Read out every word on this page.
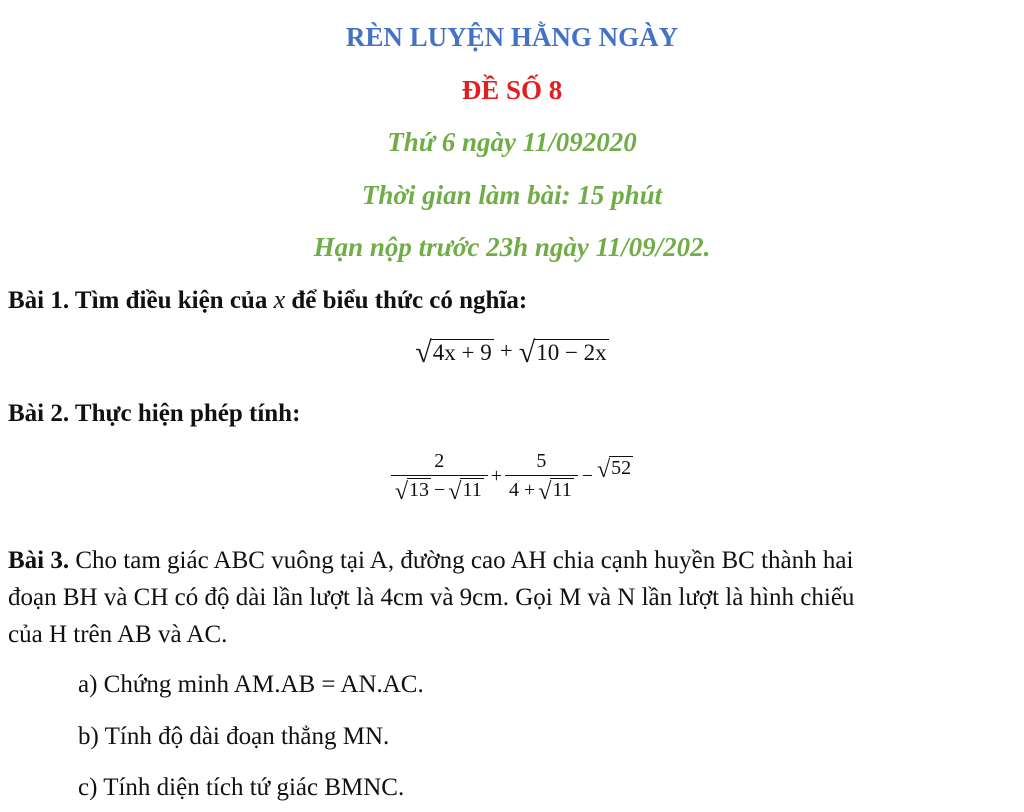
RÈN LUYỆN HẰNG NGÀY
ĐỀ SỐ 8
Thứ 6 ngày 11/092020
Thời gian làm bài: 15 phút
Hạn nộp trước 23h ngày 11/09/202.
Bài 1. Tìm điều kiện của x để biểu thức có nghĩa:
√ 4x + 9 + √ 10 − 2x
Bài 2. Thực hiện phép tính:
$\frac{2}{√ 13 - √ 11} + \frac{5}{4 + √ 11}$ − √ 52
Bài 3. Cho tam giác ABC vuông tại A, đường cao AH chia cạnh huyền BC thành hai
đoạn BH và CH có độ dài lần lượt là 4cm và 9cm. Gọi M và N lần lượt là hình chiếu
của H trên AB và AC.
a) Chứng minh AM.AB = AN.AC.
b) Tính độ dài đoạn thẳng MN.
c) Tính diện tích tứ giác BMNC.
